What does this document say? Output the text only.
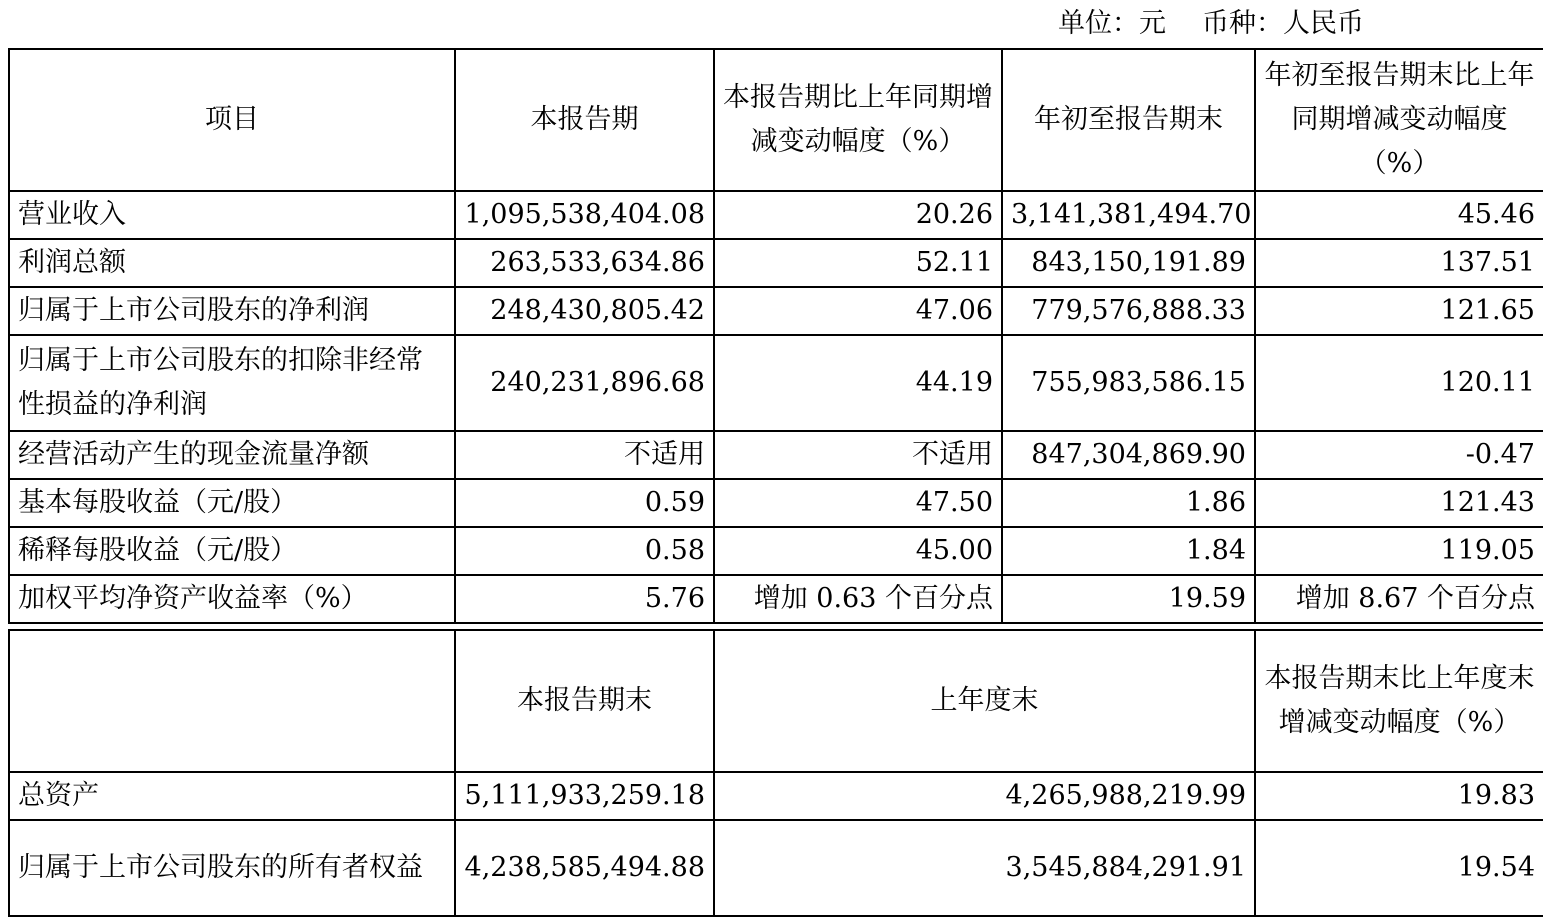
单位：元 币种：人民币
项目	本报告期	本报告期比上年同期增减变动幅度（%）	年初至报告期末	年初至报告期末比上年同期增减变动幅度（%）
营业收入	1,095,538,404.08	20.26	3,141,381,494.70	45.46
利润总额	263,533,634.86	52.11	843,150,191.89	137.51
归属于上市公司股东的净利润	248,430,805.42	47.06	779,576,888.33	121.65
归属于上市公司股东的扣除非经常性损益的净利润	240,231,896.68	44.19	755,983,586.15	120.11
经营活动产生的现金流量净额	不适用	不适用	847,304,869.90	-0.47
基本每股收益（元/股）	0.59	47.50	1.86	121.43
稀释每股收益（元/股）	0.58	45.00	1.84	119.05
加权平均净资产收益率（%）	5.76	增加 0.63 个百分点	19.59	增加 8.67 个百分点
	本报告期末	上年度末	本报告期末比上年度末增减变动幅度（%）
总资产	5,111,933,259.18	4,265,988,219.99	19.83
归属于上市公司股东的所有者权益	4,238,585,494.88	3,545,884,291.91	19.54
